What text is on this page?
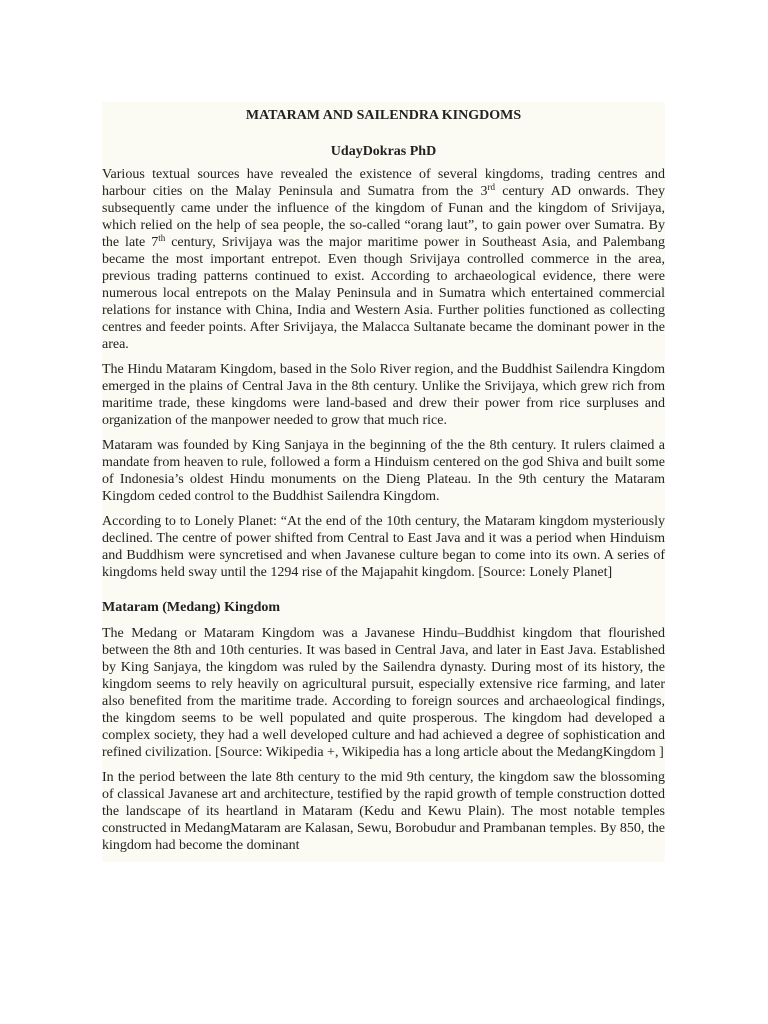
MATARAM AND SAILENDRA KINGDOMS
UdayDokras PhD

Various textual sources have revealed the existence of several kingdoms, trading centres and harbour cities on the Malay Peninsula and Sumatra from the 3rd century AD onwards. They subsequently came under the influence of the kingdom of Funan and the kingdom of Srivijaya, which relied on the help of sea people, the so-called “orang laut”, to gain power over Sumatra. By the late 7th century, Srivijaya was the major maritime power in Southeast Asia, and Palembang became the most important entrepot. Even though Srivijaya controlled commerce in the area, previous trading patterns continued to exist. According to archaeological evidence, there were numerous local entrepots on the Malay Peninsula and in Sumatra which entertained commercial relations for instance with China, India and Western Asia. Further polities functioned as collecting centres and feeder points. After Srivijaya, the Malacca Sultanate became the dominant power in the area.

The Hindu Mataram Kingdom, based in the Solo River region, and the Buddhist Sailendra Kingdom emerged in the plains of Central Java in the 8th century. Unlike the Srivijaya, which grew rich from maritime trade, these kingdoms were land-based and drew their power from rice surpluses and organization of the manpower needed to grow that much rice.

Mataram was founded by King Sanjaya in the beginning of the the 8th century. It rulers claimed a mandate from heaven to rule, followed a form a Hinduism centered on the god Shiva and built some of Indonesia’s oldest Hindu monuments on the Dieng Plateau. In the 9th century the Mataram Kingdom ceded control to the Buddhist Sailendra Kingdom.

According to to Lonely Planet: “At the end of the 10th century, the Mataram kingdom mysteriously declined. The centre of power shifted from Central to East Java and it was a period when Hinduism and Buddhism were syncretised and when Javanese culture began to come into its own. A series of kingdoms held sway until the 1294 rise of the Majapahit kingdom. [Source: Lonely Planet]

Mataram (Medang) Kingdom

The Medang or Mataram Kingdom was a Javanese Hindu–Buddhist kingdom that flourished between the 8th and 10th centuries. It was based in Central Java, and later in East Java. Established by King Sanjaya, the kingdom was ruled by the Sailendra dynasty. During most of its history, the kingdom seems to rely heavily on agricultural pursuit, especially extensive rice farming, and later also benefited from the maritime trade. According to foreign sources and archaeological findings, the kingdom seems to be well populated and quite prosperous. The kingdom had developed a complex society, they had a well developed culture and had achieved a degree of sophistication and refined civilization. [Source: Wikipedia +, Wikipedia has a long article about the MedangKingdom ]

In the period between the late 8th century to the mid 9th century, the kingdom saw the blossoming of classical Javanese art and architecture, testified by the rapid growth of temple construction dotted the landscape of its heartland in Mataram (Kedu and Kewu Plain). The most notable temples constructed in MedangMataram are Kalasan, Sewu, Borobudur and Prambanan temples. By 850, the kingdom had become the dominant
